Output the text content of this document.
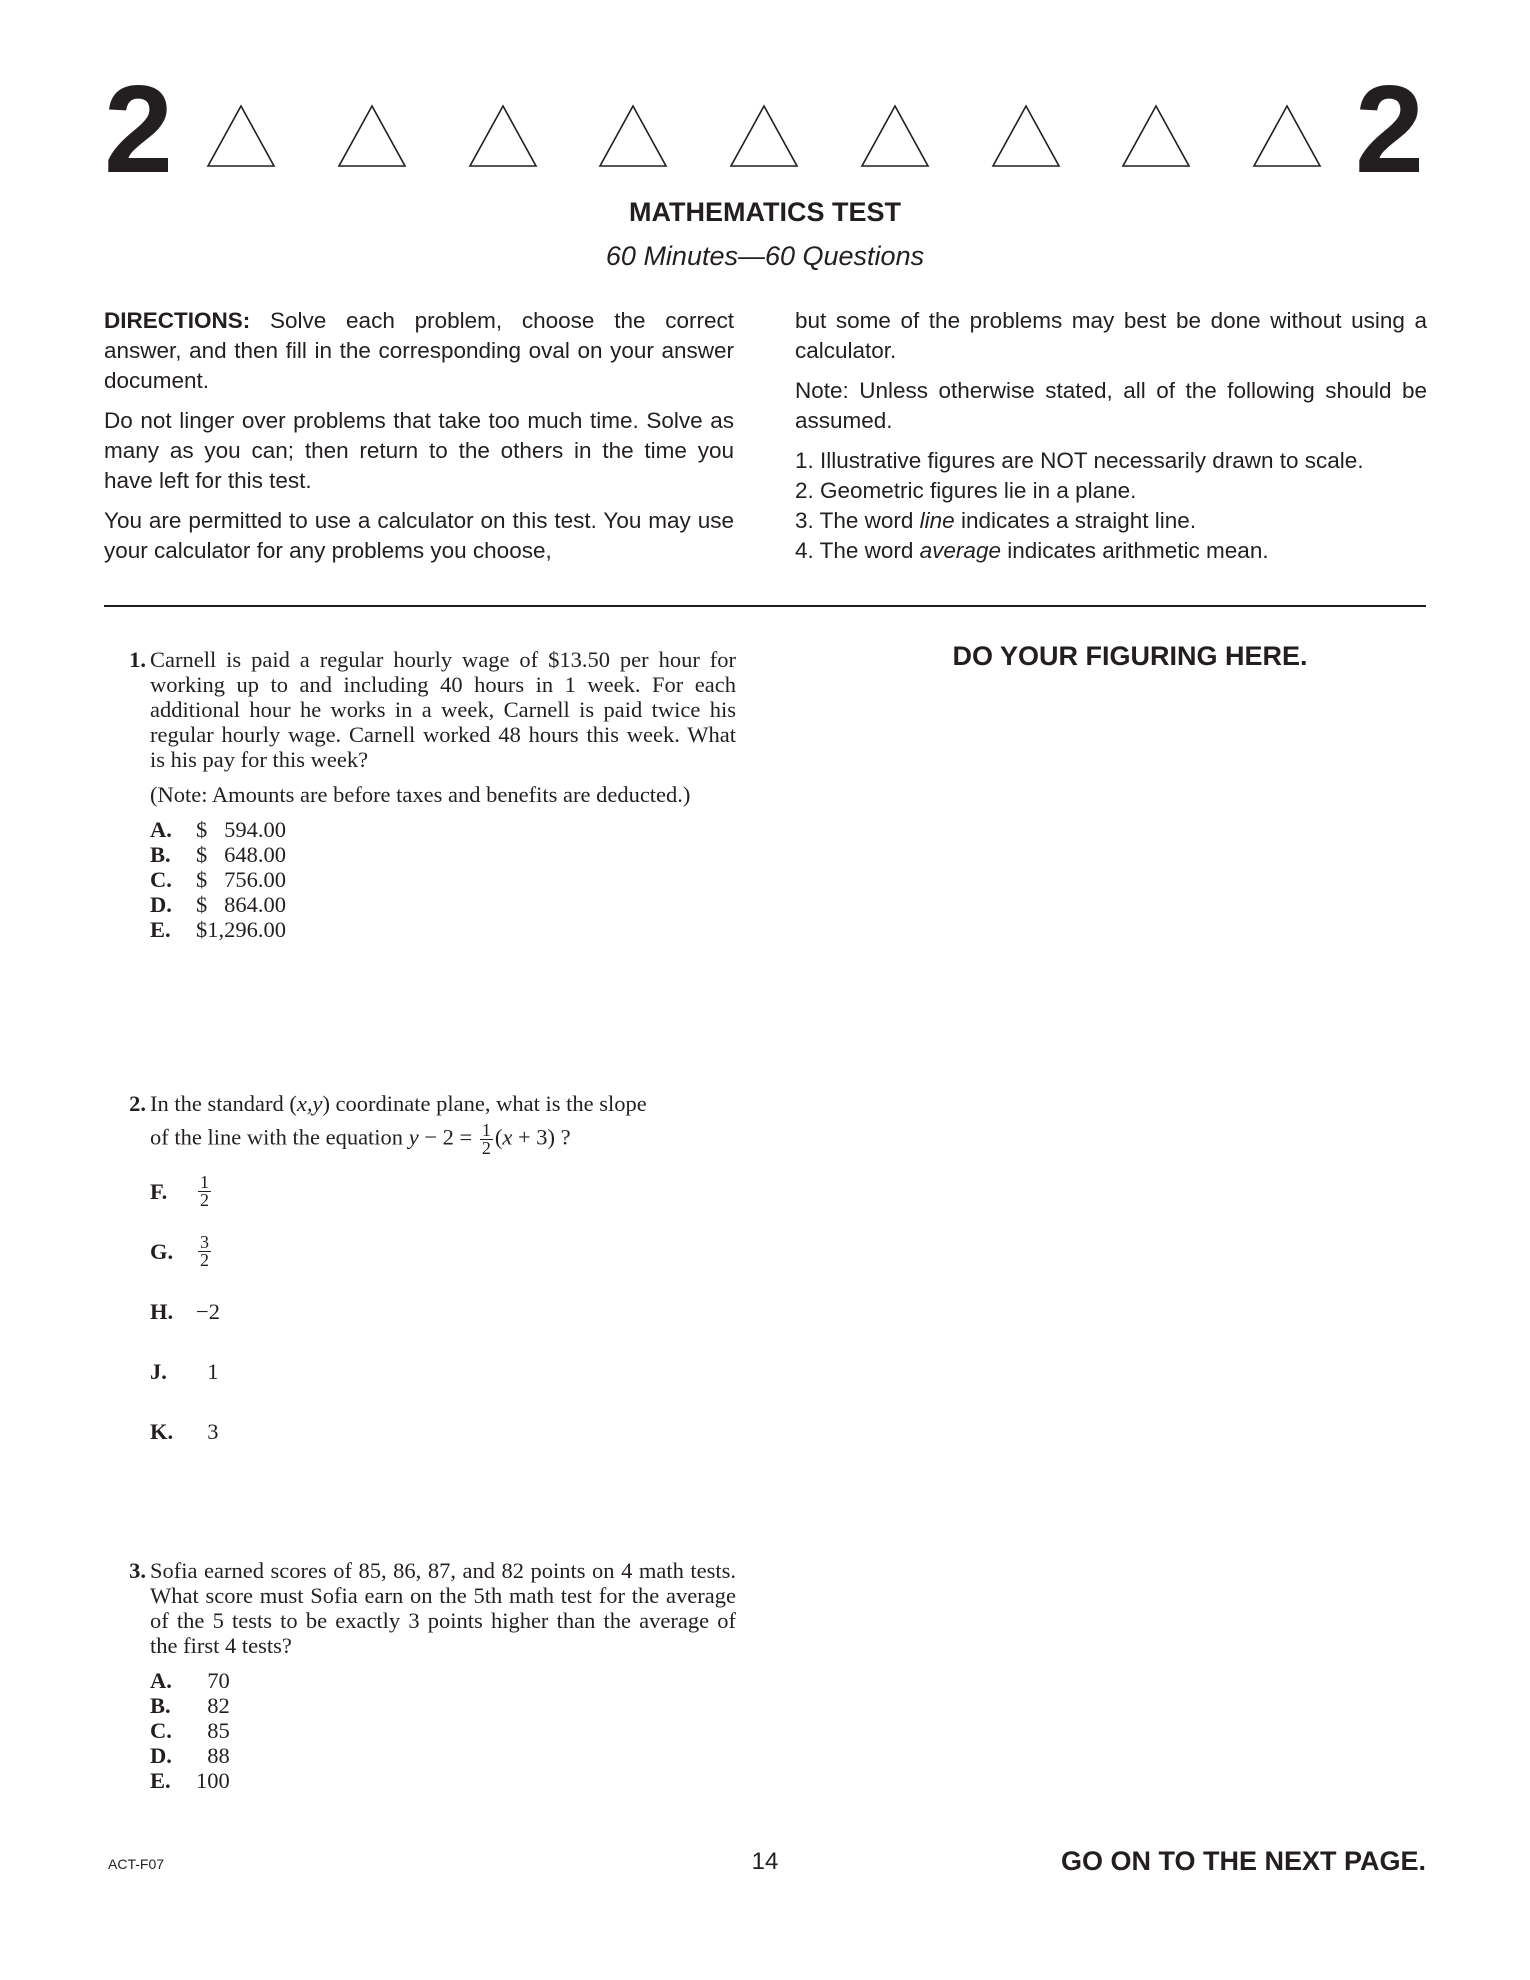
2	2
MATHEMATICS TEST
60 Minutes—60 Questions

DIRECTIONS: Solve each problem, choose the correct answer, and then fill in the corresponding oval on your answer document.

Do not linger over problems that take too much time. Solve as many as you can; then return to the others in the time you have left for this test.

You are permitted to use a calculator on this test. You may use your calculator for any problems you choose,

but some of the problems may best be done without using a calculator.

Note: Unless otherwise stated, all of the following should be assumed.

1. Illustrative figures are NOT necessarily drawn to scale.
2. Geometric figures lie in a plane.
3. The word line indicates a straight line.
4. The word average indicates arithmetic mean.
DO YOUR FIGURING HERE.
1. Carnell is paid a regular hourly wage of $13.50 per hour for working up to and including 40 hours in 1 week. For each additional hour he works in a week, Carnell is paid twice his regular hourly wage. Carnell worked 48 hours this week. What is his pay for this week?

(Note: Amounts are before taxes and benefits are deducted.)

A.	$   594.00
B.	$   648.00
C.	$   756.00
D.	$   864.00
E.	$1,296.00
2. In the standard (x,y) coordinate plane, what is the slope
of the line with the equation $y - 2 = \frac{1}{2} (x + 3)$ ?
F.	$\frac{1}{2}$
G.	$\frac{3}{2}$
H.	−2
J.	1
K.	3
3. Sofia earned scores of 85, 86, 87, and 82 points on 4 math tests. What score must Sofia earn on the 5th math test for the average of the 5 tests to be exactly 3 points higher than the average of the first 4 tests?

A.	70
B.	82
C.	85
D.	88
E.	100
ACT-F07	14	GO ON TO THE NEXT PAGE.
